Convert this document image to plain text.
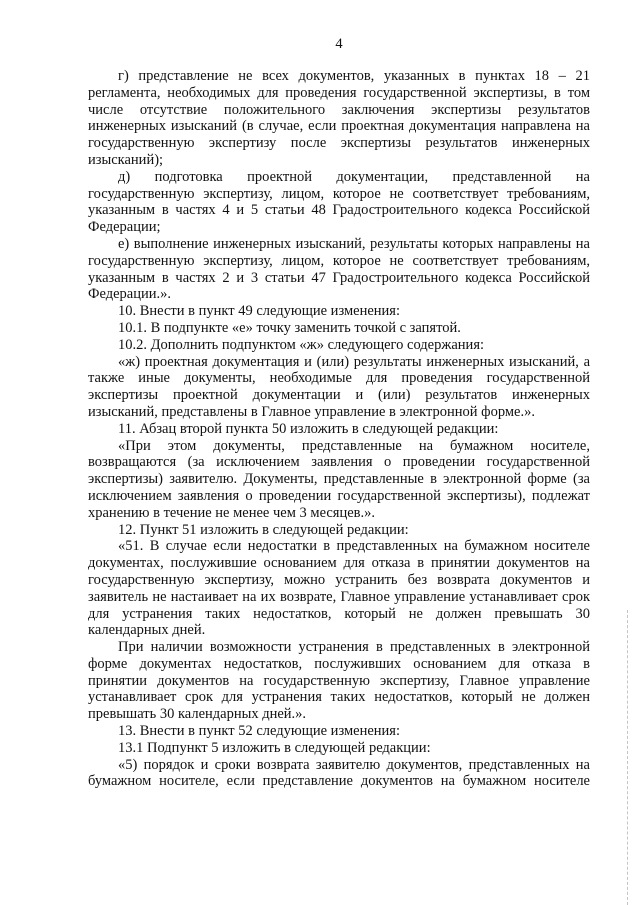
4

г) представление не всех документов, указанных в пунктах 18 – 21 регламента, необходимых для проведения государственной экспертизы, в том числе отсутствие положительного заключения экспертизы результатов инженерных изысканий (в случае, если проектная документация направлена на государственную экспертизу после экспертизы результатов инженерных изысканий);

д) подготовка проектной документации, представленной на государственную экспертизу, лицом, которое не соответствует требованиям, указанным в частях 4 и 5 статьи 48 Градостроительного кодекса Российской Федерации;

е) выполнение инженерных изысканий, результаты которых направлены на государственную экспертизу, лицом, которое не соответствует требованиям, указанным в частях 2 и 3 статьи 47 Градостроительного кодекса Российской Федерации.».

10. Внести в пункт 49 следующие изменения:

10.1. В подпункте «е» точку заменить точкой с запятой.

10.2. Дополнить подпунктом «ж» следующего содержания:

«ж) проектная документация и (или) результаты инженерных изысканий, а также иные документы, необходимые для проведения государственной экспертизы проектной документации и (или) результатов инженерных изысканий, представлены в Главное управление в электронной форме.».

11. Абзац второй пункта 50 изложить в следующей редакции:

«При этом документы, представленные на бумажном носителе, возвращаются (за исключением заявления о проведении государственной экспертизы) заявителю. Документы, представленные в электронной форме (за исключением заявления о проведении государственной экспертизы), подлежат хранению в течение не менее чем 3 месяцев.».

12. Пункт 51 изложить в следующей редакции:

«51. В случае если недостатки в представленных на бумажном носителе документах, послужившие основанием для отказа в принятии документов на государственную экспертизу, можно устранить без возврата документов и заявитель не настаивает на их возврате, Главное управление устанавливает срок для устранения таких недостатков, который не должен превышать 30 календарных дней.

При наличии возможности устранения в представленных в электронной форме документах недостатков, послуживших основанием для отказа в принятии документов на государственную экспертизу, Главное управление устанавливает срок для устранения таких недостатков, который не должен превышать 30 календарных дней.».

13. Внести в пункт 52 следующие изменения:

13.1 Подпункт 5 изложить в следующей редакции:

«5) порядок и сроки возврата заявителю документов, представленных на бумажном носителе, если представление документов на бумажном носителе
